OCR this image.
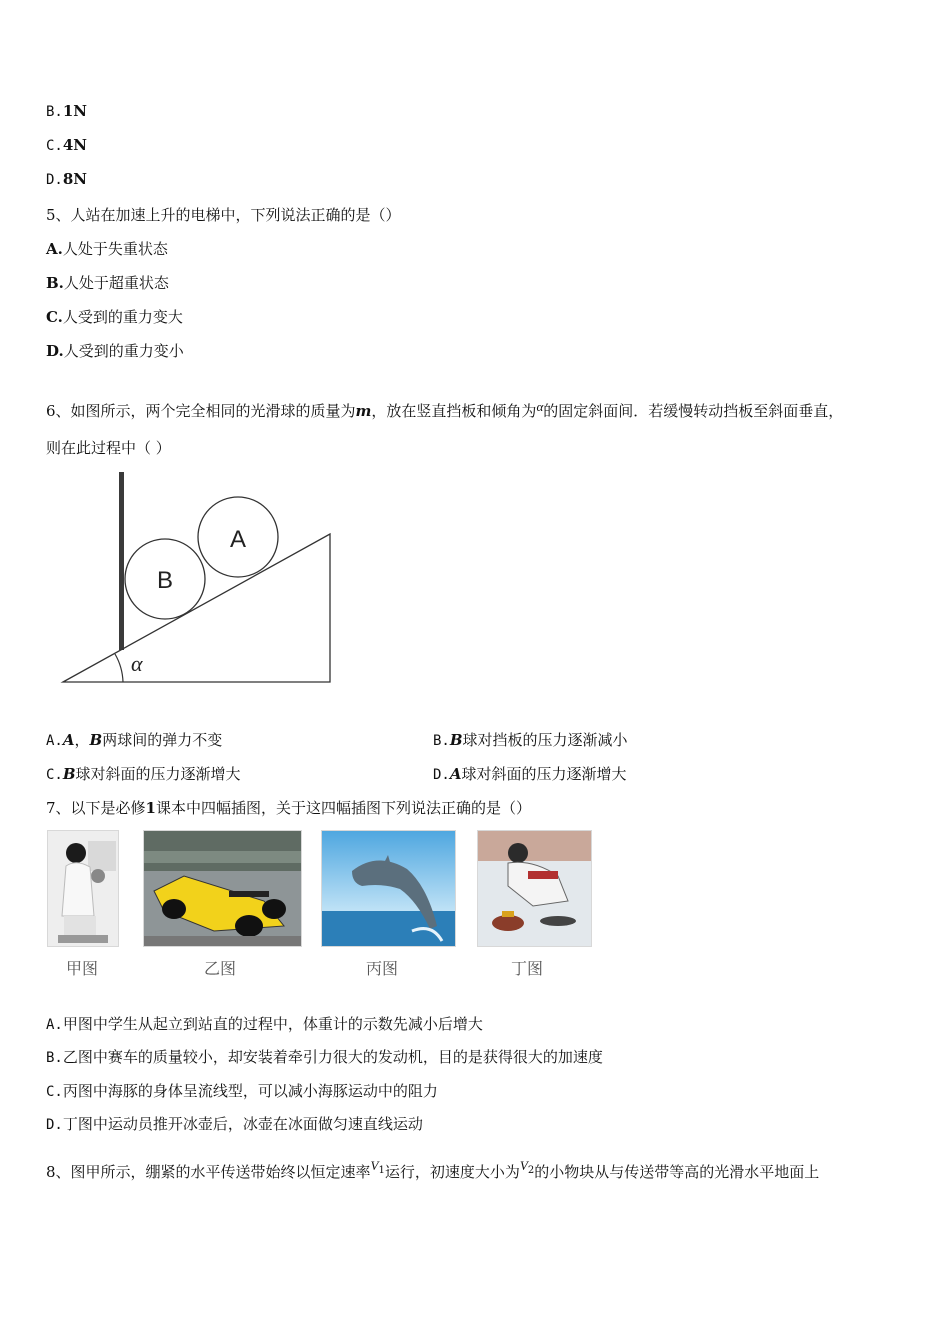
B.1N
C.4N
D.8N
5、人站在加速上升的电梯中，下列说法正确的是（）
A.人处于失重状态
B.人处于超重状态
C.人受到的重力变大
D.人受到的重力变小
6、如图所示，两个完全相同的光滑球的质量为m，放在竖直挡板和倾角为α的固定斜面间．若缓慢转动挡板至斜面垂直，
则在此过程中（ ）
B
A
α
A.A，B两球间的弹力不变	B.B球对挡板的压力逐渐减小
C.B球对斜面的压力逐渐增大	D.A球对斜面的压力逐渐增大
7、以下是必修1课本中四幅插图，关于这四幅插图下列说法正确的是（）
甲图	乙图	丙图	丁图
A.甲图中学生从起立到站直的过程中，体重计的示数先减小后增大
B.乙图中赛车的质量较小，却安装着牵引力很大的发动机，目的是获得很大的加速度
C.丙图中海豚的身体呈流线型，可以减小海豚运动中的阻力
D.丁图中运动员推开冰壶后，冰壶在冰面做匀速直线运动
8、图甲所示，绷紧的水平传送带始终以恒定速率$V^1$运行，初速度大小为$V^2$的小物块从与传送带等高的光滑水平地面上
